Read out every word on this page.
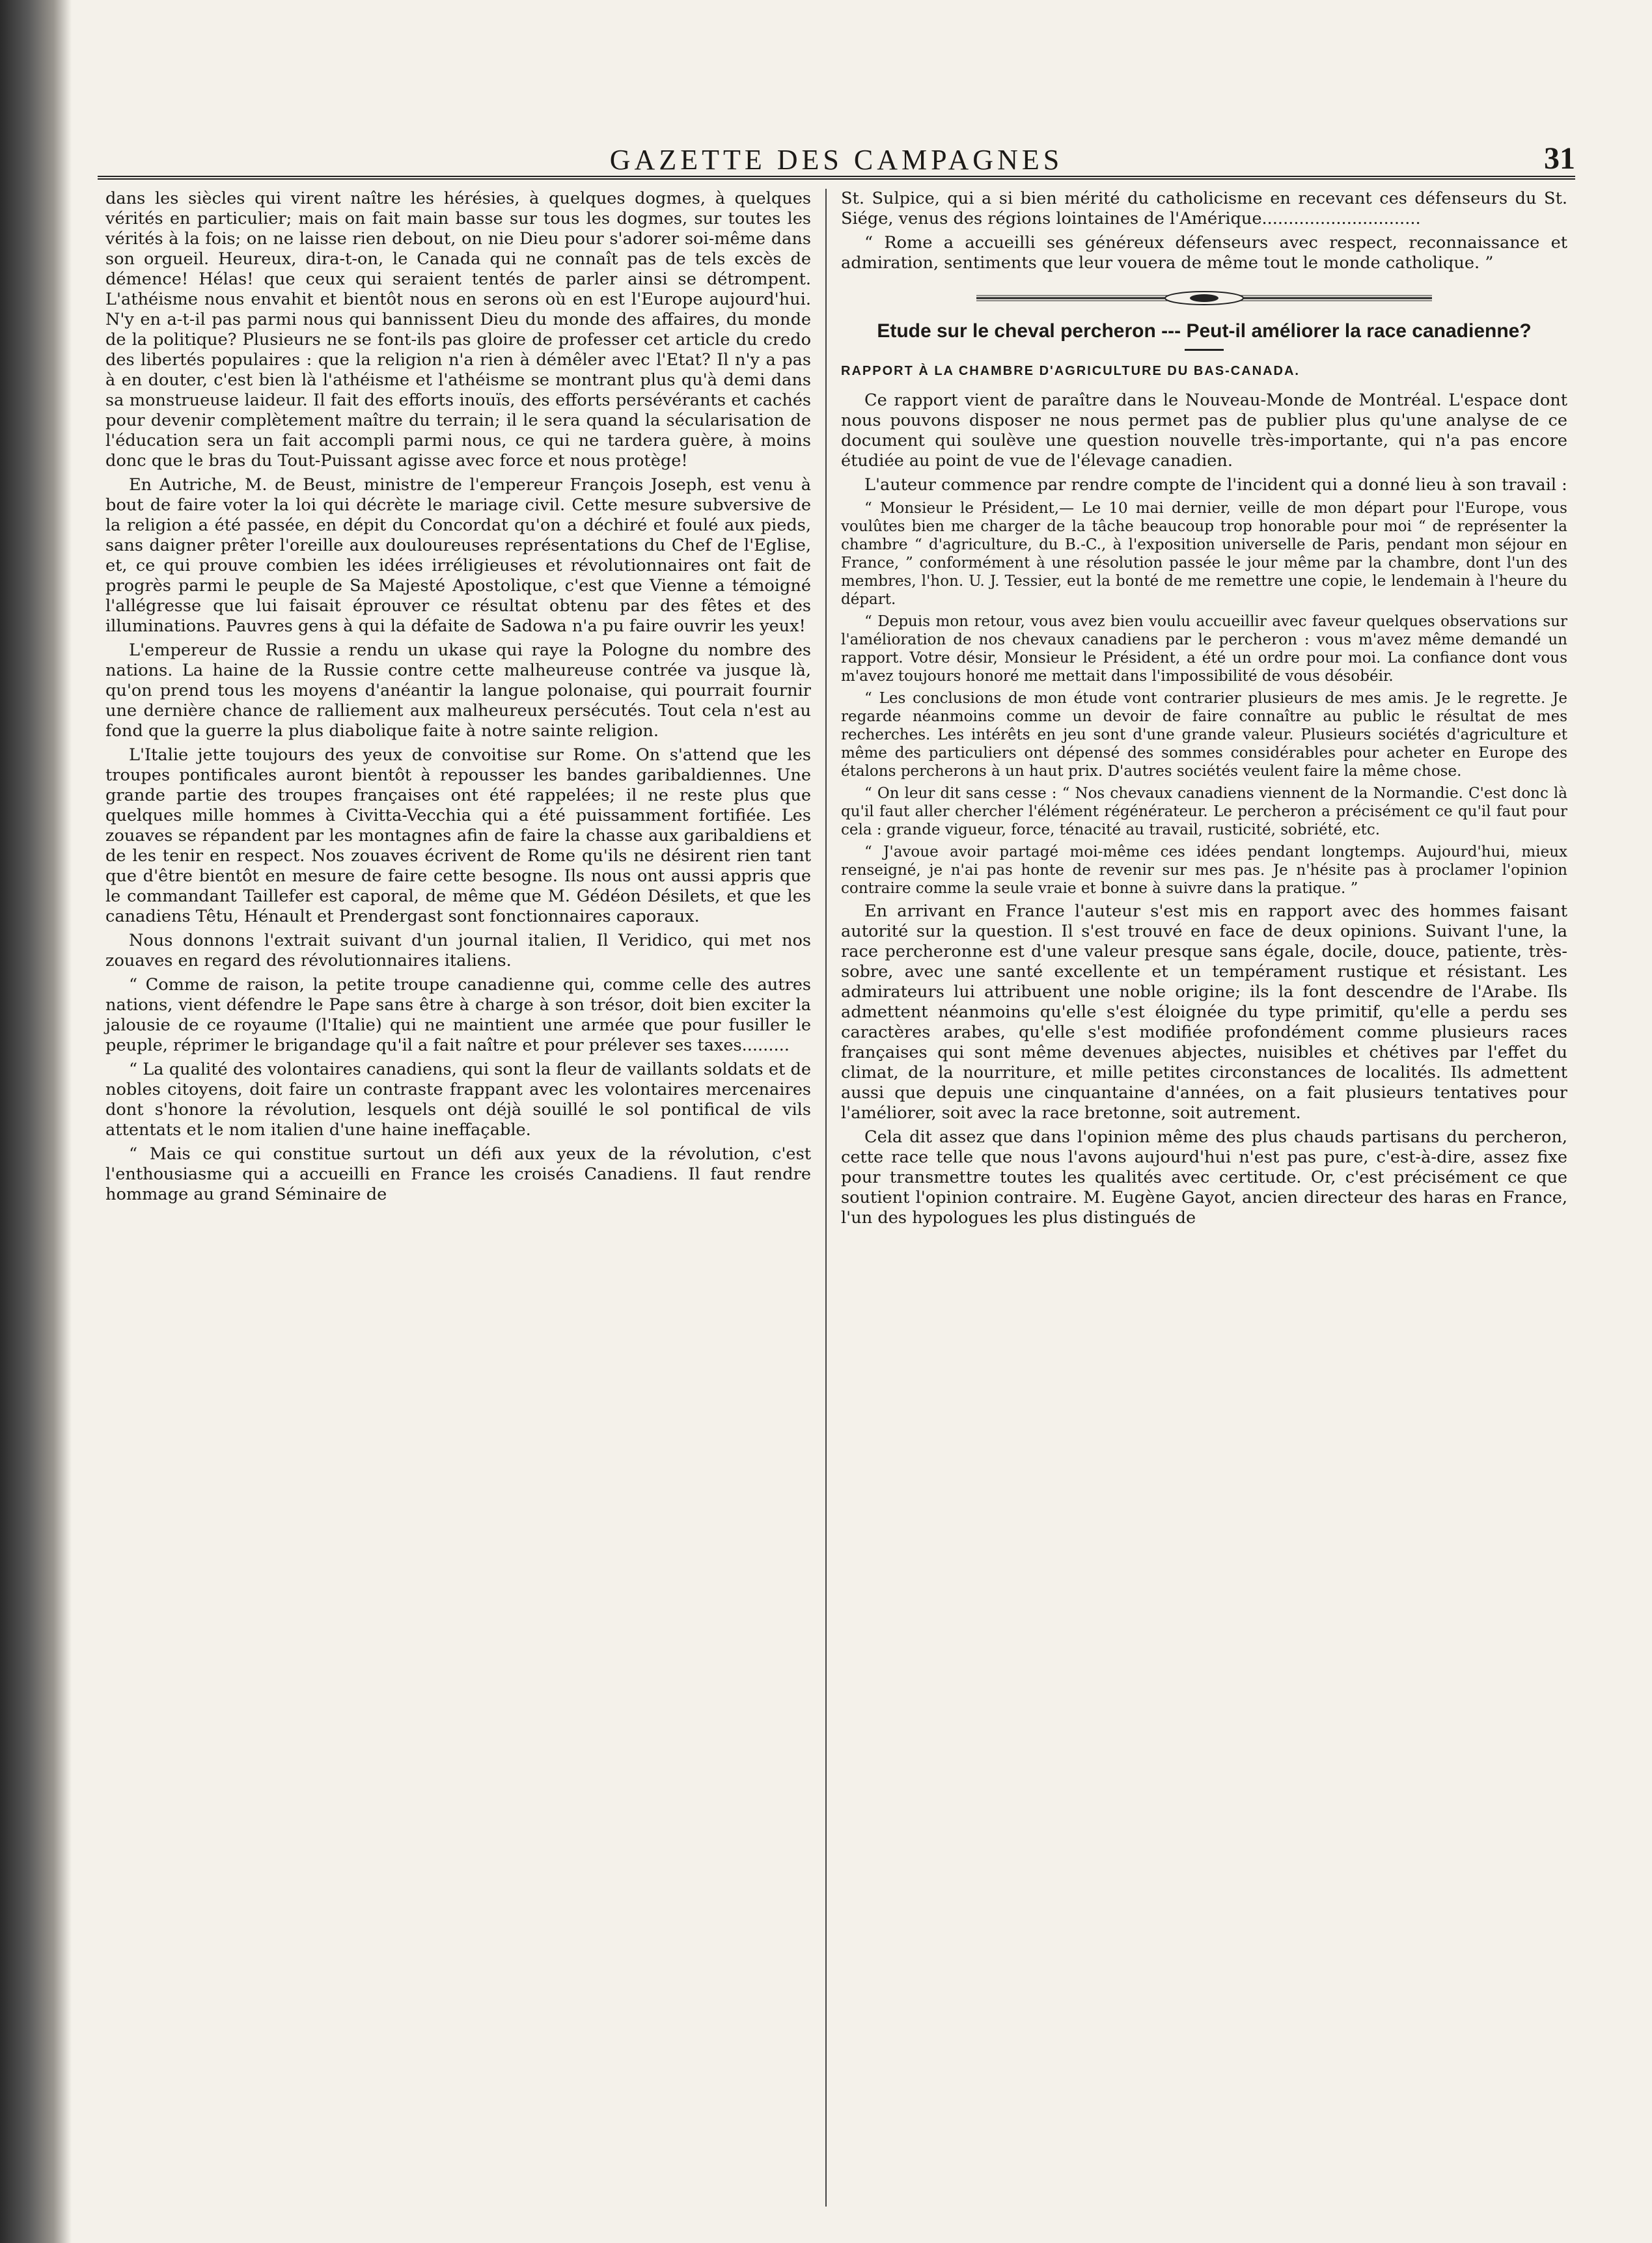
GAZETTE DES CAMPAGNES	31

dans les siècles qui virent naître les hérésies, à quelques dogmes, à quelques vérités en particulier; mais on fait main basse sur tous les dogmes, sur toutes les vérités à la fois; on ne laisse rien debout, on nie Dieu pour s'adorer soi-même dans son orgueil. Heureux, dira-t-on, le Canada qui ne connaît pas de tels excès de démence! Hélas! que ceux qui seraient tentés de parler ainsi se détrompent. L'athéisme nous envahit et bientôt nous en serons où en est l'Europe aujourd'hui. N'y en a-t-il pas parmi nous qui bannissent Dieu du monde des affaires, du monde de la politique? Plusieurs ne se font-ils pas gloire de professer cet article du credo des libertés populaires : que la religion n'a rien à démêler avec l'Etat? Il n'y a pas à en douter, c'est bien là l'athéisme et l'athéisme se montrant plus qu'à demi dans sa monstrueuse laideur. Il fait des efforts inouïs, des efforts persévérants et cachés pour devenir complètement maître du terrain; il le sera quand la sécularisation de l'éducation sera un fait accompli parmi nous, ce qui ne tardera guère, à moins donc que le bras du Tout-Puissant agisse avec force et nous protège!

En Autriche, M. de Beust, ministre de l'empereur François Joseph, est venu à bout de faire voter la loi qui décrète le mariage civil. Cette mesure subversive de la religion a été passée, en dépit du Concordat qu'on a déchiré et foulé aux pieds, sans daigner prêter l'oreille aux douloureuses représentations du Chef de l'Eglise, et, ce qui prouve combien les idées irréligieuses et révolutionnaires ont fait de progrès parmi le peuple de Sa Majesté Apostolique, c'est que Vienne a témoigné l'allégresse que lui faisait éprouver ce résultat obtenu par des fêtes et des illuminations. Pauvres gens à qui la défaite de Sadowa n'a pu faire ouvrir les yeux!

L'empereur de Russie a rendu un ukase qui raye la Pologne du nombre des nations. La haine de la Russie contre cette malheureuse contrée va jusque là, qu'on prend tous les moyens d'anéantir la langue polonaise, qui pourrait fournir une dernière chance de ralliement aux malheureux persécutés. Tout cela n'est au fond que la guerre la plus diabolique faite à notre sainte religion.

L'Italie jette toujours des yeux de convoitise sur Rome. On s'attend que les troupes pontificales auront bientôt à repousser les bandes garibaldiennes. Une grande partie des troupes françaises ont été rappelées; il ne reste plus que quelques mille hommes à Civitta-Vecchia qui a été puissamment fortifiée. Les zouaves se répandent par les montagnes afin de faire la chasse aux garibaldiens et de les tenir en respect. Nos zouaves écrivent de Rome qu'ils ne désirent rien tant que d'être bientôt en mesure de faire cette besogne. Ils nous ont aussi appris que le commandant Taillefer est caporal, de même que M. Gédéon Désilets, et que les canadiens Têtu, Hénault et Prendergast sont fonctionnaires caporaux.

Nous donnons l'extrait suivant d'un journal italien, Il Veridico, qui met nos zouaves en regard des révolutionnaires italiens.

“ Comme de raison, la petite troupe canadienne qui, comme celle des autres nations, vient défendre le Pape sans être à charge à son trésor, doit bien exciter la jalousie de ce royaume (l'Italie) qui ne maintient une armée que pour fusiller le peuple, réprimer le brigandage qu'il a fait naître et pour prélever ses taxes.........

“ La qualité des volontaires canadiens, qui sont la fleur de vaillants soldats et de nobles citoyens, doit faire un contraste frappant avec les volontaires mercenaires dont s'honore la révolution, lesquels ont déjà souillé le sol pontifical de vils attentats et le nom italien d'une haine ineffaçable.

“ Mais ce qui constitue surtout un défi aux yeux de la révolution, c'est l'enthousiasme qui a accueilli en France les croisés Canadiens. Il faut rendre hommage au grand Séminaire de

St. Sulpice, qui a si bien mérité du catholicisme en recevant ces défenseurs du St. Siége, venus des régions lointaines de l'Amérique..............................

“ Rome a accueilli ses généreux défenseurs avec respect, reconnaissance et admiration, sentiments que leur vouera de même tout le monde catholique. ”

Etude sur le cheval percheron --- Peut-il améliorer la race canadienne?
RAPPORT À LA CHAMBRE D'AGRICULTURE DU BAS-CANADA.

Ce rapport vient de paraître dans le Nouveau-Monde de Montréal. L'espace dont nous pouvons disposer ne nous permet pas de publier plus qu'une analyse de ce document qui soulève une question nouvelle très-importante, qui n'a pas encore étudiée au point de vue de l'élevage canadien.

L'auteur commence par rendre compte de l'incident qui a donné lieu à son travail :

“ Monsieur le Président,— Le 10 mai dernier, veille de mon départ pour l'Europe, vous voulûtes bien me charger de la tâche beaucoup trop honorable pour moi “ de représenter la chambre “ d'agriculture, du B.-C., à l'exposition universelle de Paris, pendant mon séjour en France, ” conformément à une résolution passée le jour même par la chambre, dont l'un des membres, l'hon. U. J. Tessier, eut la bonté de me remettre une copie, le lendemain à l'heure du départ.

“ Depuis mon retour, vous avez bien voulu accueillir avec faveur quelques observations sur l'amélioration de nos chevaux canadiens par le percheron : vous m'avez même demandé un rapport. Votre désir, Monsieur le Président, a été un ordre pour moi. La confiance dont vous m'avez toujours honoré me mettait dans l'impossibilité de vous désobéir.

“ Les conclusions de mon étude vont contrarier plusieurs de mes amis. Je le regrette. Je regarde néanmoins comme un devoir de faire connaître au public le résultat de mes recherches. Les intérêts en jeu sont d'une grande valeur. Plusieurs sociétés d'agriculture et même des particuliers ont dépensé des sommes considérables pour acheter en Europe des étalons percherons à un haut prix. D'autres sociétés veulent faire la même chose.

“ On leur dit sans cesse : “ Nos chevaux canadiens viennent de la Normandie. C'est donc là qu'il faut aller chercher l'élément régénérateur. Le percheron a précisément ce qu'il faut pour cela : grande vigueur, force, ténacité au travail, rusticité, sobriété, etc.

“ J'avoue avoir partagé moi-même ces idées pendant longtemps. Aujourd'hui, mieux renseigné, je n'ai pas honte de revenir sur mes pas. Je n'hésite pas à proclamer l'opinion contraire comme la seule vraie et bonne à suivre dans la pratique. ”

En arrivant en France l'auteur s'est mis en rapport avec des hommes faisant autorité sur la question. Il s'est trouvé en face de deux opinions. Suivant l'une, la race percheronne est d'une valeur presque sans égale, docile, douce, patiente, très-sobre, avec une santé excellente et un tempérament rustique et résistant. Les admirateurs lui attribuent une noble origine; ils la font descendre de l'Arabe. Ils admettent néanmoins qu'elle s'est éloignée du type primitif, qu'elle a perdu ses caractères arabes, qu'elle s'est modifiée profondément comme plusieurs races françaises qui sont même devenues abjectes, nuisibles et chétives par l'effet du climat, de la nourriture, et mille petites circonstances de localités. Ils admettent aussi que depuis une cinquantaine d'années, on a fait plusieurs tentatives pour l'améliorer, soit avec la race bretonne, soit autrement.

Cela dit assez que dans l'opinion même des plus chauds partisans du percheron, cette race telle que nous l'avons aujourd'hui n'est pas pure, c'est-à-dire, assez fixe pour transmettre toutes les qualités avec certitude. Or, c'est précisément ce que soutient l'opinion contraire. M. Eugène Gayot, ancien directeur des haras en France, l'un des hypologues les plus distingués de
